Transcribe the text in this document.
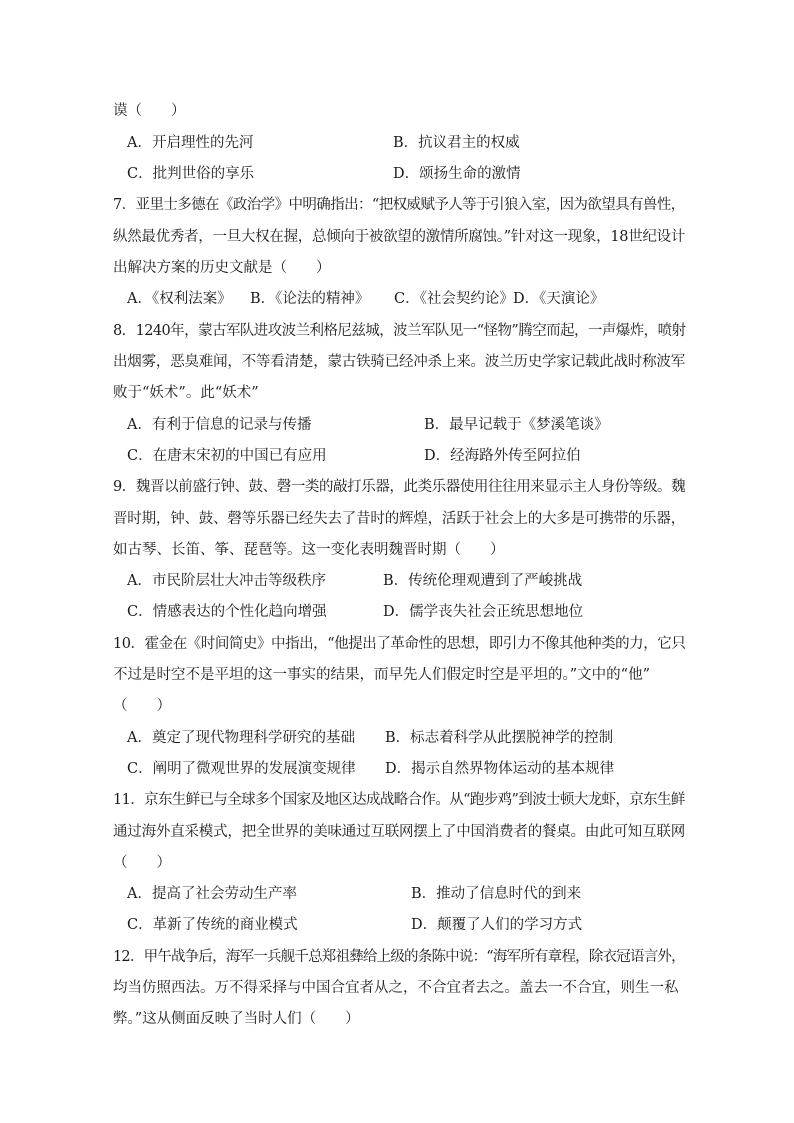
谟（　　）
A．开启理性的先河	B．抗议君主的权威
C．批判世俗的享乐	D．颂扬生命的激情
7．亚里士多德在《政治学》中明确指出：“把权威赋予人等于引狼入室，因为欲望具有兽性，
纵然最优秀者，一旦大权在握，总倾向于被欲望的激情所腐蚀。”针对这一现象，18世纪设计
出解决方案的历史文献是（　　）
A．《权利法案》 B．《论法的精神》 C．《社会契约论》 D．《天演论》
8．1240年，蒙古军队进攻波兰利格尼兹城，波兰军队见一“怪物”腾空而起，一声爆炸，喷射
出烟雾，恶臭难闻，不等看清楚，蒙古铁骑已经冲杀上来。波兰历史学家记载此战时称波军
败于“妖术”。此“妖术”
A．有利于信息的记录与传播	B．最早记载于《梦溪笔谈》
C．在唐末宋初的中国已有应用	D．经海路外传至阿拉伯
9．魏晋以前盛行钟、鼓、磬一类的敲打乐器，此类乐器使用往往用来显示主人身份等级。魏
晋时期，钟、鼓、磬等乐器已经失去了昔时的辉煌，活跃于社会上的大多是可携带的乐器，
如古琴、长笛、筝、琵琶等。这一变化表明魏晋时期（　　）
A．市民阶层壮大冲击等级秩序	B．传统伦理观遭到了严峻挑战
C．情感表达的个性化趋向增强	D．儒学丧失社会正统思想地位
10．霍金在《时间简史》中指出，“他提出了革命性的思想，即引力不像其他种类的力，它只
不过是时空不是平坦的这一事实的结果，而早先人们假定时空是平坦的。”文中的“他”
（　　）
A．奠定了现代物理科学研究的基础 B．标志着科学从此摆脱神学的控制
C．阐明了微观世界的发展演变规律 D．揭示自然界物体运动的基本规律
11．京东生鲜已与全球多个国家及地区达成战略合作。从“跑步鸡”到波士顿大龙虾，京东生鲜
通过海外直采模式，把全世界的美味通过互联网摆上了中国消费者的餐桌。由此可知互联网
（　　）
A．提高了社会劳动生产率	B．推动了信息时代的到来
C．革新了传统的商业模式	D．颠覆了人们的学习方式
12．甲午战争后，海军一兵舰千总郑祖彝给上级的条陈中说：“海军所有章程，除衣冠语言外，
均当仿照西法。万不得采择与中国合宜者从之，不合宜者去之。盖去一不合宜，则生一私
弊。”这从侧面反映了当时人们（　　）
